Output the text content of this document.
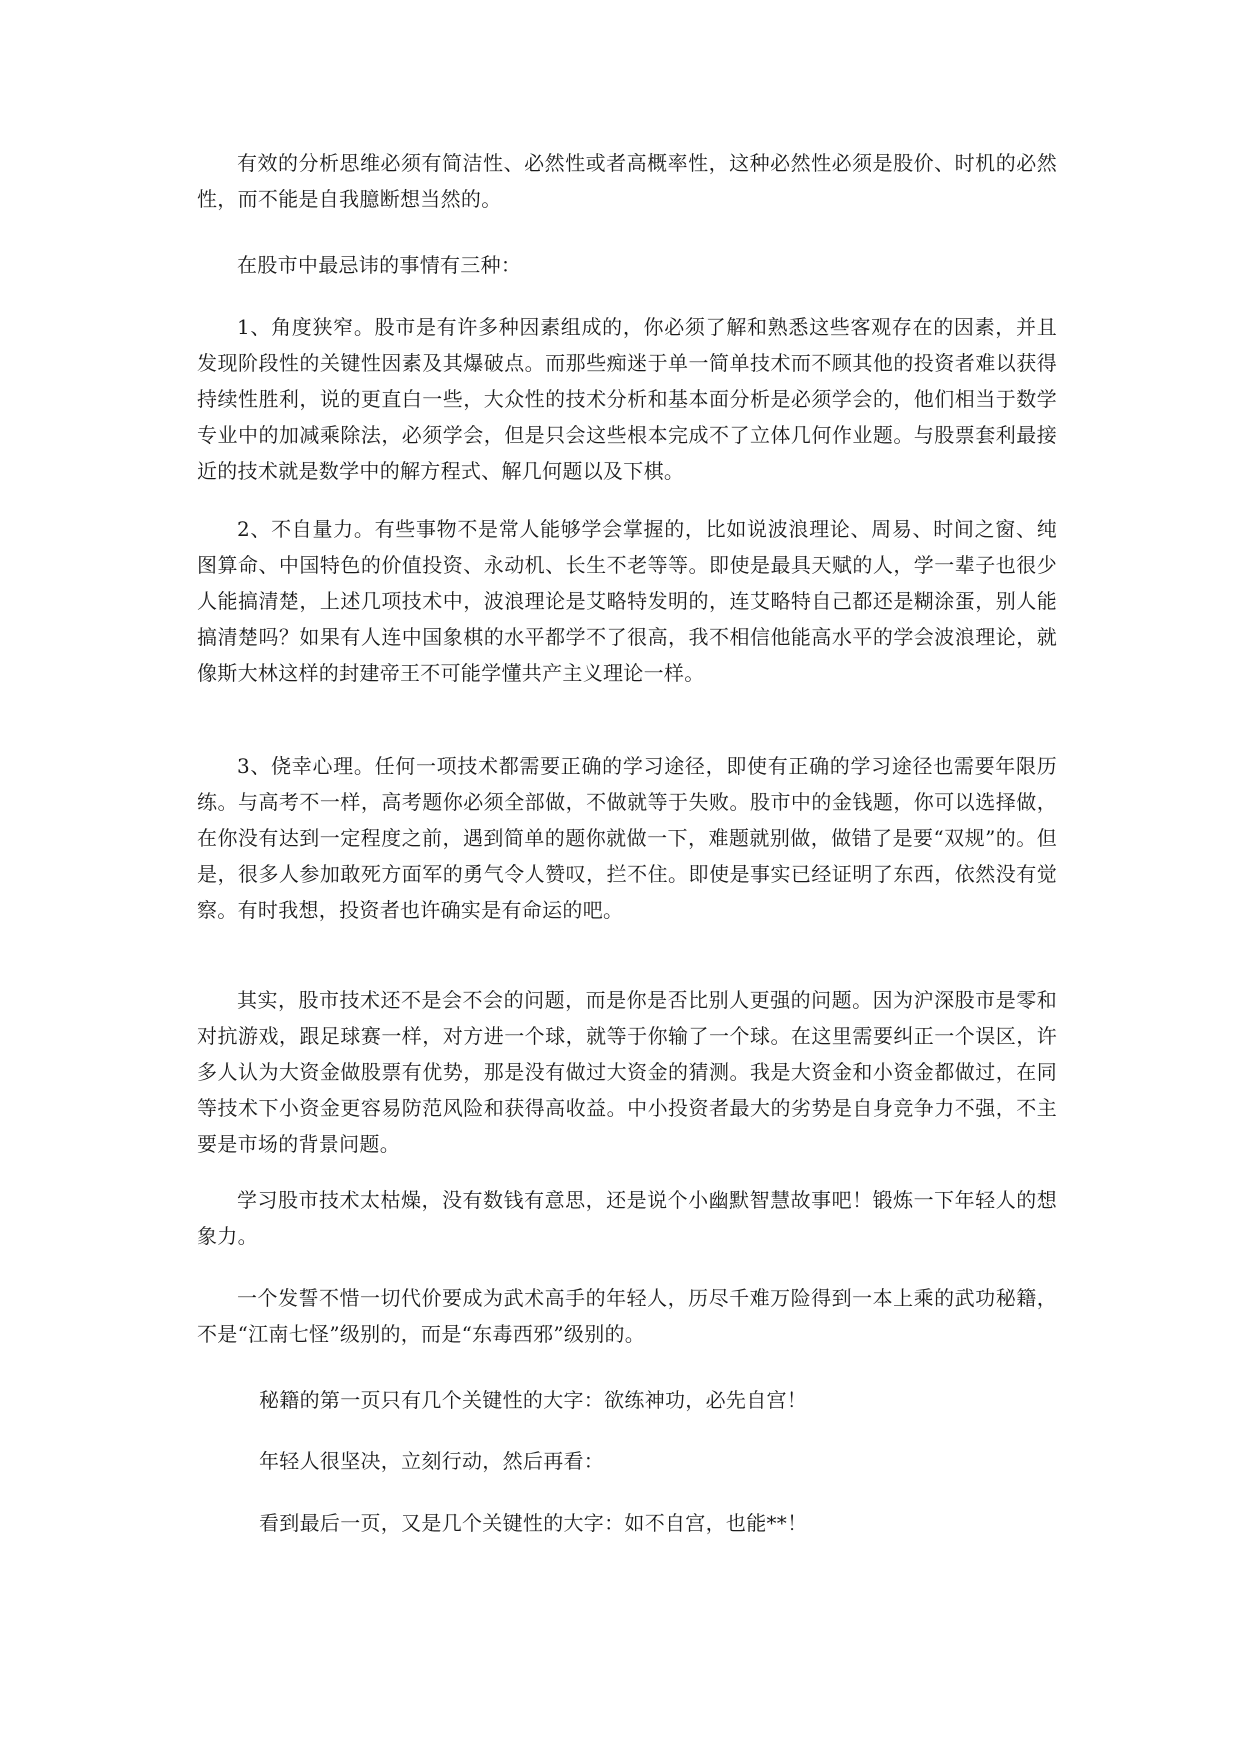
有效的分析思维必须有简洁性、必然性或者高概率性，这种必然性必须是股价、时机的必然性，而不能是自我臆断想当然的。

在股市中最忌讳的事情有三种：

1、角度狭窄。股市是有许多种因素组成的，你必须了解和熟悉这些客观存在的因素，并且发现阶段性的关键性因素及其爆破点。而那些痴迷于单一简单技术而不顾其他的投资者难以获得持续性胜利，说的更直白一些，大众性的技术分析和基本面分析是必须学会的，他们相当于数学专业中的加减乘除法，必须学会，但是只会这些根本完成不了立体几何作业题。与股票套利最接近的技术就是数学中的解方程式、解几何题以及下棋。

2、不自量力。有些事物不是常人能够学会掌握的，比如说波浪理论、周易、时间之窗、纯图算命、中国特色的价值投资、永动机、长生不老等等。即使是最具天赋的人，学一辈子也很少人能搞清楚，上述几项技术中，波浪理论是艾略特发明的，连艾略特自己都还是糊涂蛋，别人能搞清楚吗？如果有人连中国象棋的水平都学不了很高，我不相信他能高水平的学会波浪理论，就像斯大林这样的封建帝王不可能学懂共产主义理论一样。

3、侥幸心理。任何一项技术都需要正确的学习途径，即使有正确的学习途径也需要年限历练。与高考不一样，高考题你必须全部做，不做就等于失败。股市中的金钱题，你可以选择做，在你没有达到一定程度之前，遇到简单的题你就做一下，难题就别做，做错了是要“双规”的。但是，很多人参加敢死方面军的勇气令人赞叹，拦不住。即使是事实已经证明了东西，依然没有觉察。有时我想，投资者也许确实是有命运的吧。

其实，股市技术还不是会不会的问题，而是你是否比别人更强的问题。因为沪深股市是零和对抗游戏，跟足球赛一样，对方进一个球，就等于你输了一个球。在这里需要纠正一个误区，许多人认为大资金做股票有优势，那是没有做过大资金的猜测。我是大资金和小资金都做过，在同等技术下小资金更容易防范风险和获得高收益。中小投资者最大的劣势是自身竞争力不强，不主要是市场的背景问题。

学习股市技术太枯燥，没有数钱有意思，还是说个小幽默智慧故事吧！锻炼一下年轻人的想象力。

一个发誓不惜一切代价要成为武术高手的年轻人，历尽千难万险得到一本上乘的武功秘籍，不是“江南七怪”级别的，而是“东毒西邪”级别的。

秘籍的第一页只有几个关键性的大字：欲练神功，必先自宫！

年轻人很坚决，立刻行动，然后再看：

看到最后一页，又是几个关键性的大字：如不自宫，也能**！
